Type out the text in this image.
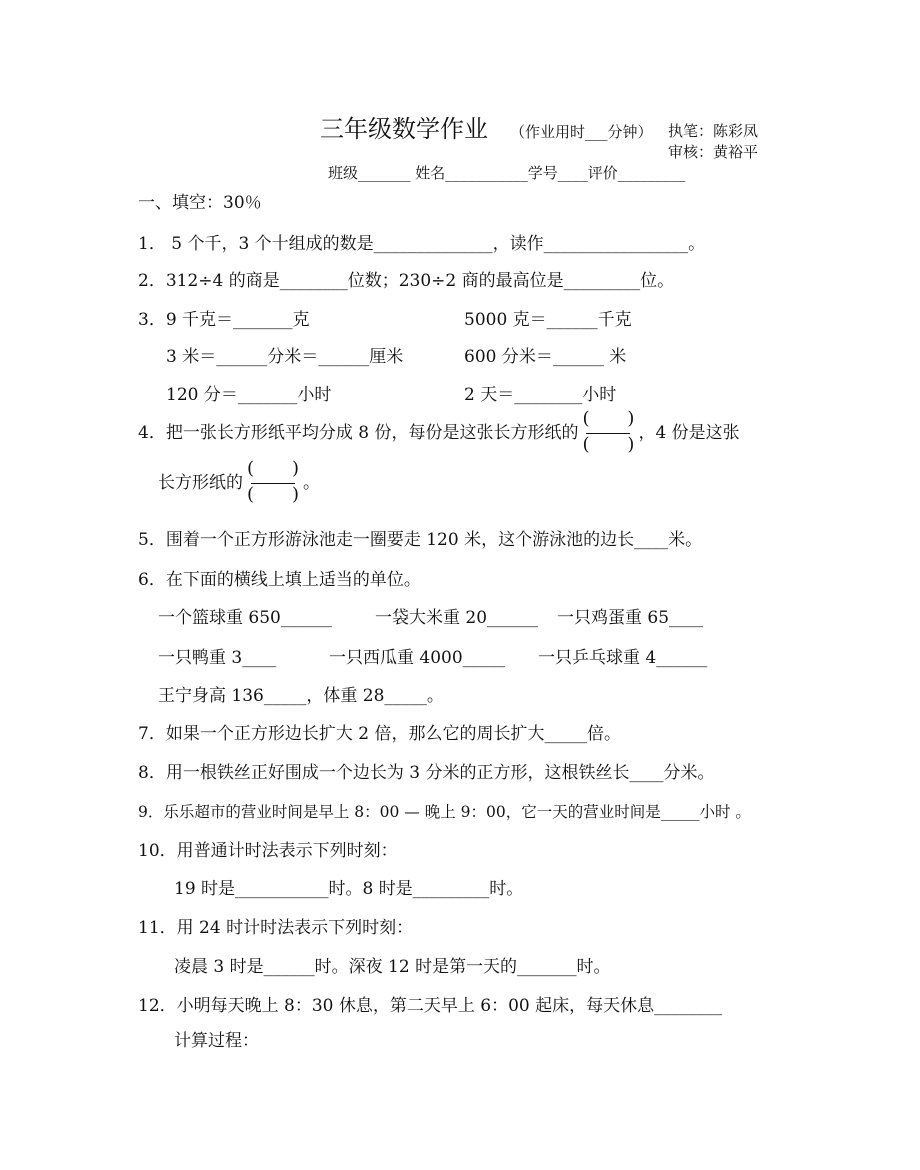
三年级数学作业 （作业用时___分钟） 执笔：陈彩凤
审核：黄裕平
班级_______ 姓名___________学号____评价_________
一、填空：30％
1． 5 个千，3 个十组成的数是______________，读作_________________。
2．312÷4 的商是________位数；230÷2 商的最高位是_________位。
3．9 千克＝_______克	5000 克＝______千克
3 米＝______分米＝______厘米	600 分米＝______ 米
120 分＝_______小时	2 天＝________小时
4．把一张长方形纸平均分成 8 份，每份是这张长方形纸的
( )
( )
，4 份是这张
长方形纸的
( )
( )
。
5．围着一个正方形游泳池走一圈要走 120 米，这个游泳池的边长____米。
6．在下面的横线上填上适当的单位。
一个篮球重 650______	一袋大米重 20______ 一只鸡蛋重 65____
一只鸭重 3____	一只西瓜重 4000_____ 一只乒乓球重 4______
王宁身高 136_____，体重 28_____。
7．如果一个正方形边长扩大 2 倍，那么它的周长扩大_____倍。
8．用一根铁丝正好围成一个边长为 3 分米的正方形，这根铁丝长____分米。
9．乐乐超市的营业时间是早上 8：00 — 晚上 9：00，它一天的营业时间是_____小时 。
10．用普通计时法表示下列时刻：
19 时是___________时。8 时是_________时。
11．用 24 时计时法表示下列时刻：
凌晨 3 时是______时。深夜 12 时是第一天的_______时。
12．小明每天晚上 8：30 休息，第二天早上 6：00 起床，每天休息________
计算过程：
